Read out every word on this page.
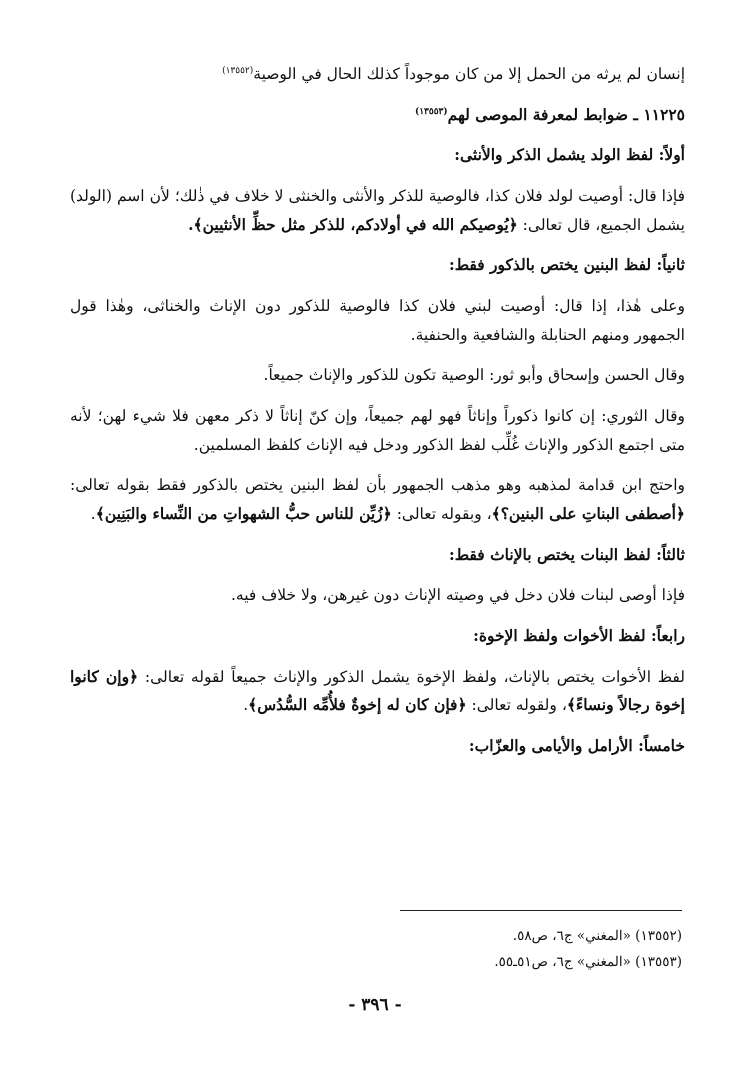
إنسان لم يرثه من الحمل إلا من كان موجوداً كذلك الحال في الوصية$^{(١٣٥٥٢)}$

١١٢٢٥ ـ ضوابط لمعرفة الموصى لهم$^{(١٣٥٥٣)}$

أولاً: لفظ الولد يشمل الذكر والأنثى:

فإذا قال: أوصيت لولد فلان كذا، فالوصية للذكر والأنثى والخنثى لا خلاف في ذٰلك؛ لأن اسم (الولد) يشمل الجميع، قال تعالى: ﴿يُوصيكم الله في أولادكم، للذكر مثل حظِّ الأنثيين﴾.

ثانياً: لفظ البنين يختص بالذكور فقط:

وعلى هٰذا، إذا قال: أوصيت لبني فلان كذا فالوصية للذكور دون الإناث والخناثى، وهٰذا قول الجمهور ومنهم الحنابلة والشافعية والحنفية.

وقال الحسن وإسحاق وأبو ثور: الوصية تكون للذكور والإناث جميعاً.

وقال الثوري: إن كانوا ذكوراً وإناثاً فهو لهم جميعاً، وإن كنّ إناثاً لا ذكر معهن فلا شيء لهن؛ لأنه متى اجتمع الذكور والإناث غُلِّب لفظ الذكور ودخل فيه الإناث كلفظ المسلمين.

واحتج ابن قدامة لمذهبه وهو مذهب الجمهور بأن لفظ البنين يختص بالذكور فقط بقوله تعالى: ﴿أصطفى البناتِ على البنين؟﴾، وبقوله تعالى: ﴿زُيِّن للناس حبُّ الشهواتِ من النِّساء والبَنِين﴾.

ثالثاً: لفظ البنات يختص بالإناث فقط:

فإذا أوصى لبنات فلان دخل في وصيته الإناث دون غيرهن، ولا خلاف فيه.

رابعاً: لفظ الأخوات ولفظ الإخوة:

لفظ الأخوات يختص بالإناث، ولفظ الإخوة يشمل الذكور والإناث جميعاً لقوله تعالى: ﴿وإن كانوا إخوة رجالاً ونساءً﴾، ولقوله تعالى: ﴿فإن كان له إخوةٌ فلأُمِّه السُّدُس﴾.

خامساً: الأرامل والأيامى والعزّاب:

(١٣٥٥٢) «المغني» ج٦، ص٥٨.

(١٣٥٥٣) «المغني» ج٦، ص٥١ـ٥٥.

- ٣٩٦ -
